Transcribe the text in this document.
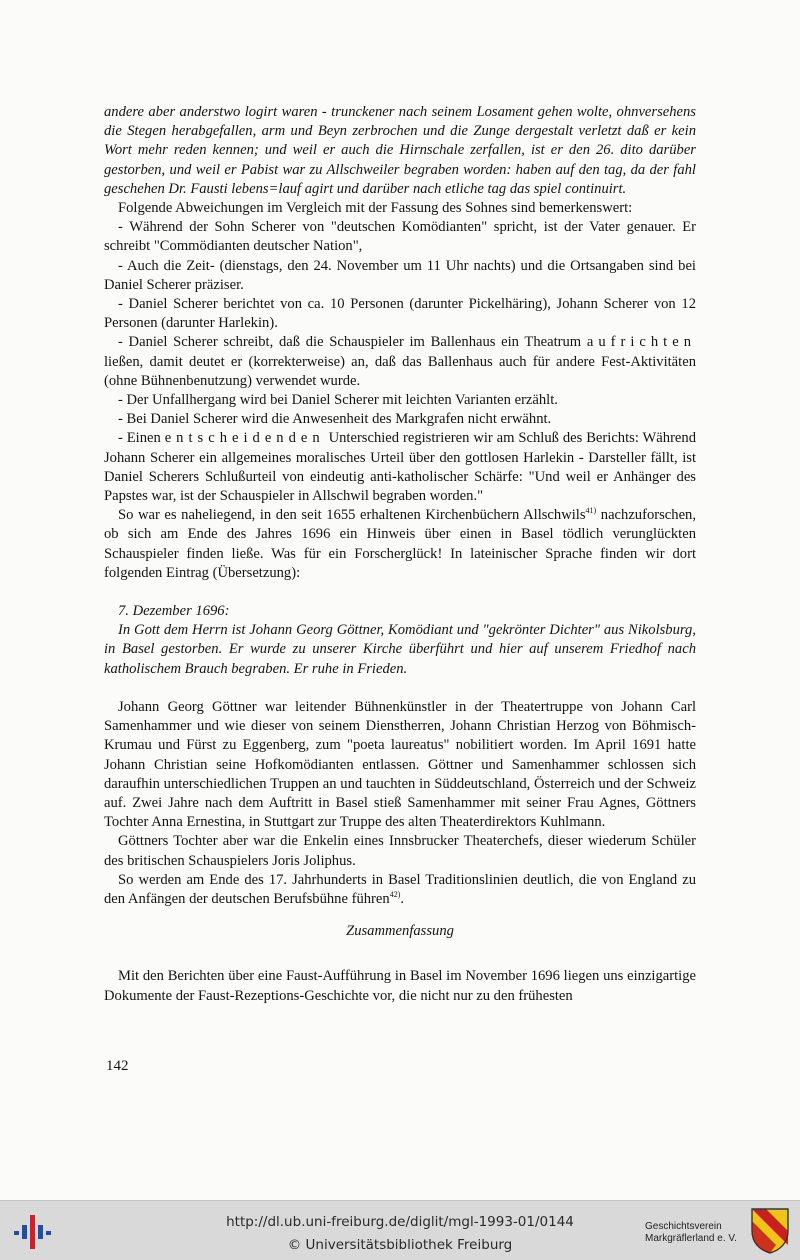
andere aber anderstwo logirt waren - trunckener nach seinem Losament gehen wolte, ohnversehens die Stegen herabgefallen, arm und Beyn zerbrochen und die Zunge dergestalt verletzt daß er kein Wort mehr reden kennen; und weil er auch die Hirnschale zerfallen, ist er den 26. dito darüber gestorben, und weil er Pabist war zu Allschweiler begraben worden: haben auf den tag, da der fahl geschehen Dr. Fausti lebens=lauf agirt und darüber nach etliche tag das spiel continuirt.

Folgende Abweichungen im Vergleich mit der Fassung des Sohnes sind bemerkenswert:

- Während der Sohn Scherer von "deutschen Komödianten" spricht, ist der Vater genauer. Er schreibt "Commödianten deutscher Nation",

- Auch die Zeit- (dienstags, den 24. November um 11 Uhr nachts) und die Ortsangaben sind bei Daniel Scherer präziser.

- Daniel Scherer berichtet von ca. 10 Personen (darunter Pickelhäring), Johann Scherer von 12 Personen (darunter Harlekin).

- Daniel Scherer schreibt, daß die Schauspieler im Ballenhaus ein Theatrum aufrichten ließen, damit deutet er (korrekterweise) an, daß das Ballenhaus auch für andere Fest-Aktivitäten (ohne Bühnenbenutzung) verwendet wurde.

- Der Unfallhergang wird bei Daniel Scherer mit leichten Varianten erzählt.

- Bei Daniel Scherer wird die Anwesenheit des Markgrafen nicht erwähnt.

- Einen entscheidenden Unterschied registrieren wir am Schluß des Berichts: Während Johann Scherer ein allgemeines moralisches Urteil über den gottlosen Harlekin - Darsteller fällt, ist Daniel Scherers Schlußurteil von eindeutig anti-katholischer Schärfe: "Und weil er Anhänger des Papstes war, ist der Schauspieler in Allschwil begraben worden."

So war es naheliegend, in den seit 1655 erhaltenen Kirchenbüchern Allschwils$^{41)}$ nachzuforschen, ob sich am Ende des Jahres 1696 ein Hinweis über einen in Basel tödlich verunglückten Schauspieler finden ließe. Was für ein Forscherglück! In lateinischer Sprache finden wir dort folgenden Eintrag (Übersetzung):

7. Dezember 1696:

In Gott dem Herrn ist Johann Georg Göttner, Komödiant und "gekrönter Dichter" aus Nikolsburg, in Basel gestorben. Er wurde zu unserer Kirche überführt und hier auf unserem Friedhof nach katholischem Brauch begraben. Er ruhe in Frieden.

Johann Georg Göttner war leitender Bühnenkünstler in der Theatertruppe von Johann Carl Samenhammer und wie dieser von seinem Dienstherren, Johann Christian Herzog von Böhmisch-Krumau und Fürst zu Eggenberg, zum "poeta laureatus" nobilitiert worden. Im April 1691 hatte Johann Christian seine Hofkomödianten entlassen. Göttner und Samenhammer schlossen sich daraufhin unterschiedlichen Truppen an und tauchten in Süddeutschland, Österreich und der Schweiz auf. Zwei Jahre nach dem Auftritt in Basel stieß Samenhammer mit seiner Frau Agnes, Göttners Tochter Anna Ernestina, in Stuttgart zur Truppe des alten Theaterdirektors Kuhlmann.

Göttners Tochter aber war die Enkelin eines Innsbrucker Theaterchefs, dieser wiederum Schüler des britischen Schauspielers Joris Joliphus.

So werden am Ende des 17. Jahrhunderts in Basel Traditionslinien deutlich, die von England zu den Anfängen der deutschen Berufsbühne führen$^{42)}$.

Zusammenfassung

Mit den Berichten über eine Faust-Aufführung in Basel im November 1696 liegen uns einzigartige Dokumente der Faust-Rezeptions-Geschichte vor, die nicht nur zu den frühesten

142
http://dl.ub.uni-freiburg.de/diglit/mgl-1993-01/0144
© Universitätsbibliothek Freiburg
Geschichtsverein
Markgräflerland e. V.
